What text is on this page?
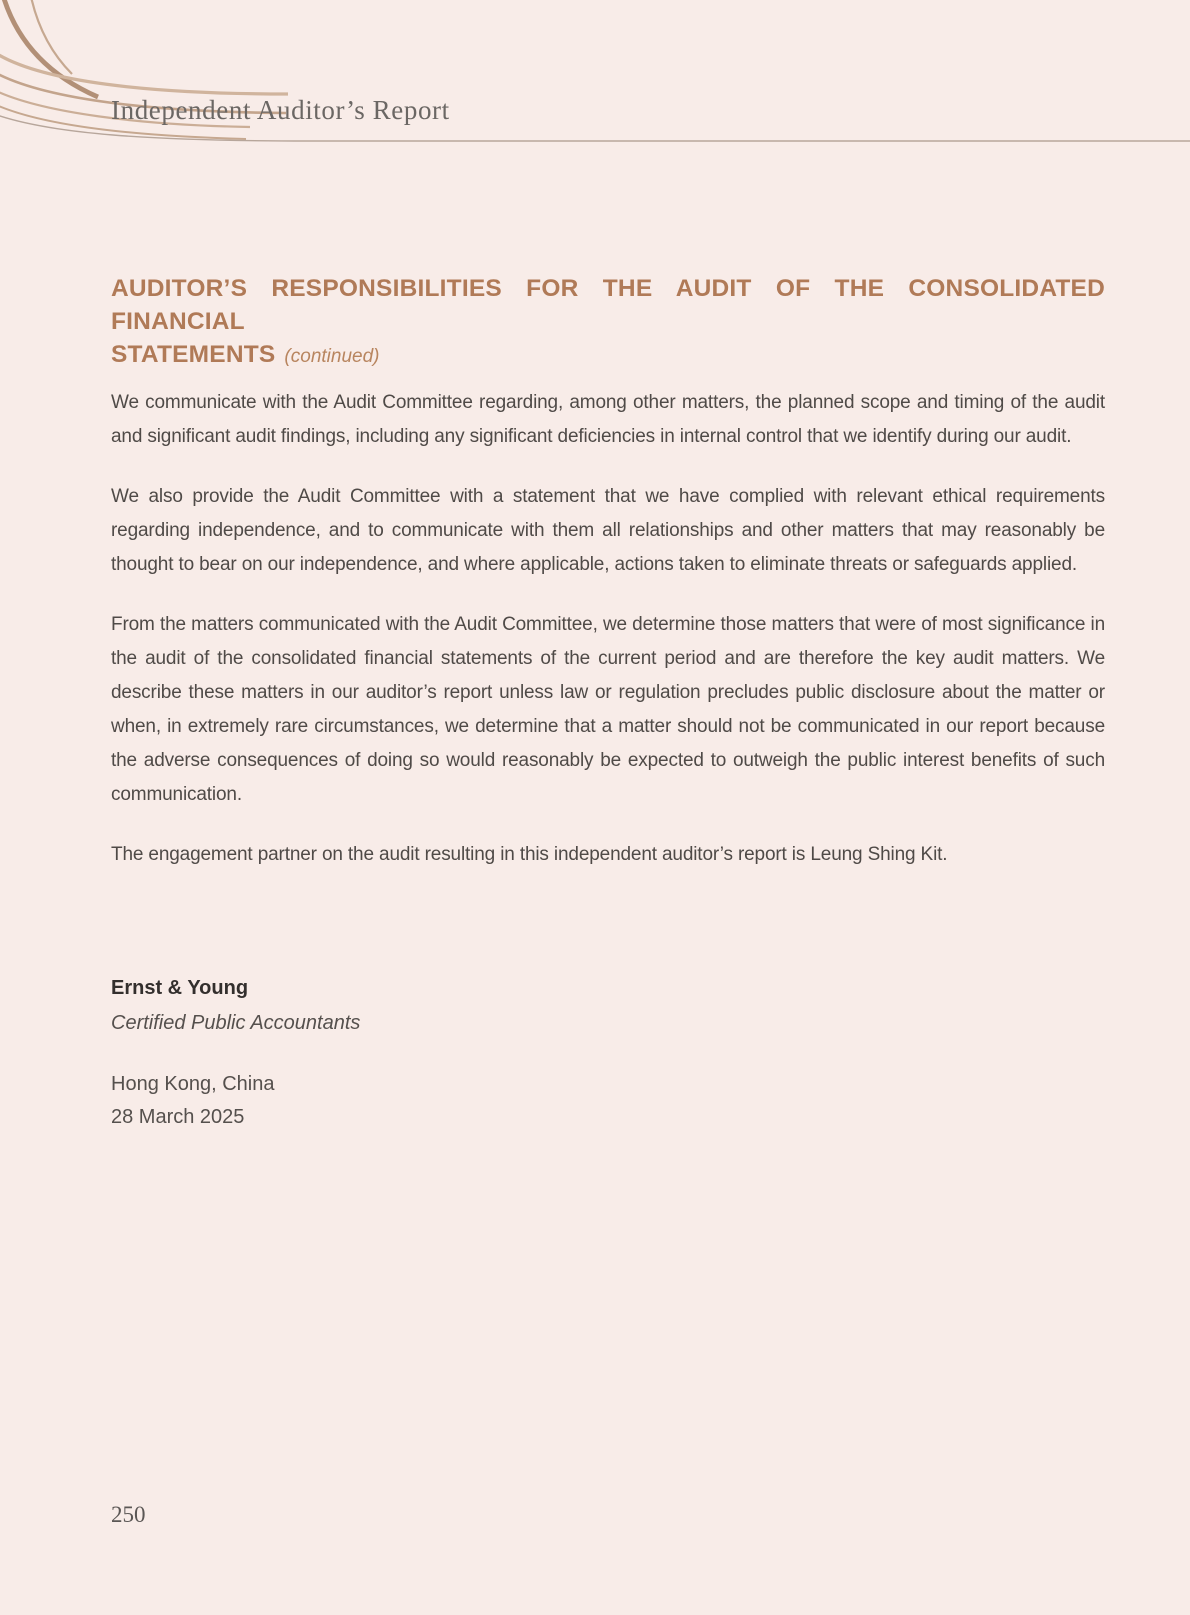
Independent Auditor’s Report
AUDITOR’S RESPONSIBILITIES FOR THE AUDIT OF THE CONSOLIDATED FINANCIAL
STATEMENTS (continued)

We communicate with the Audit Committee regarding, among other matters, the planned scope and timing of the audit and significant audit findings, including any significant deficiencies in internal control that we identify during our audit.

We also provide the Audit Committee with a statement that we have complied with relevant ethical requirements regarding independence, and to communicate with them all relationships and other matters that may reasonably be thought to bear on our independence, and where applicable, actions taken to eliminate threats or safeguards applied.

From the matters communicated with the Audit Committee, we determine those matters that were of most significance in the audit of the consolidated financial statements of the current period and are therefore the key audit matters. We describe these matters in our auditor’s report unless law or regulation precludes public disclosure about the matter or when, in extremely rare circumstances, we determine that a matter should not be communicated in our report because the adverse consequences of doing so would reasonably be expected to outweigh the public interest benefits of such communication.

The engagement partner on the audit resulting in this independent auditor’s report is Leung Shing Kit.

Ernst & Young
Certified Public Accountants
Hong Kong, China
28 March 2025
250
